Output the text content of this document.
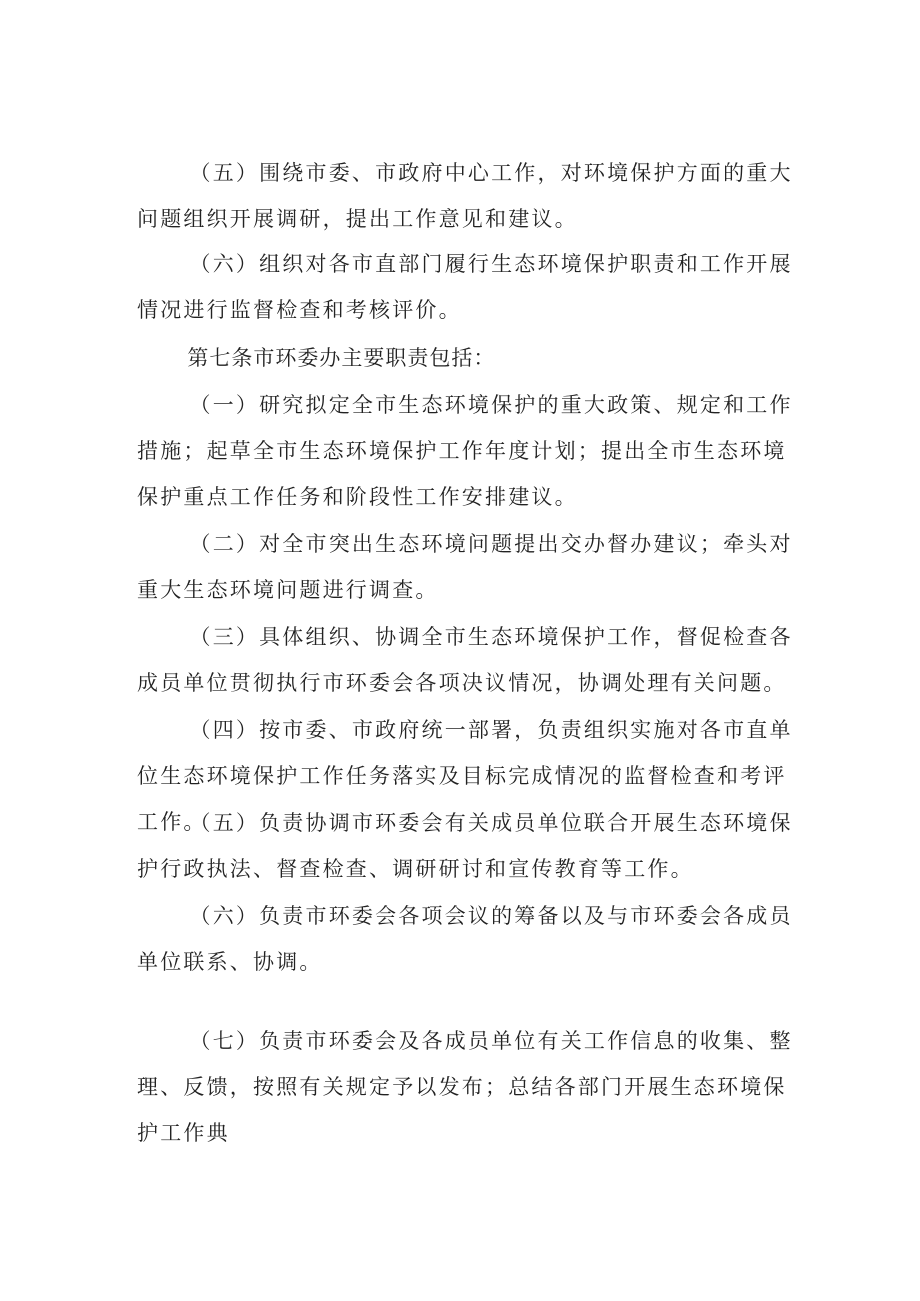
（五）围绕市委、市政府中心工作，对环境保护方面的重大问题组织开展调研，提出工作意见和建议。

（六）组织对各市直部门履行生态环境保护职责和工作开展情况进行监督检查和考核评价。

第七条市环委办主要职责包括：

（一）研究拟定全市生态环境保护的重大政策、规定和工作措施；起草全市生态环境保护工作年度计划；提出全市生态环境保护重点工作任务和阶段性工作安排建议。

（二）对全市突出生态环境问题提出交办督办建议；牵头对重大生态环境问题进行调查。

（三）具体组织、协调全市生态环境保护工作，督促检查各成员单位贯彻执行市环委会各项决议情况，协调处理有关问题。

（四）按市委、市政府统一部署，负责组织实施对各市直单位生态环境保护工作任务落实及目标完成情况的监督检查和考评工作。

（五）负责协调市环委会有关成员单位联合开展生态环境保护行政执法、督查检查、调研研讨和宣传教育等工作。

（六）负责市环委会各项会议的筹备以及与市环委会各成员单位联系、协调。

（七）负责市环委会及各成员单位有关工作信息的收集、整理、反馈，按照有关规定予以发布；总结各部门开展生态环境保护工作典
